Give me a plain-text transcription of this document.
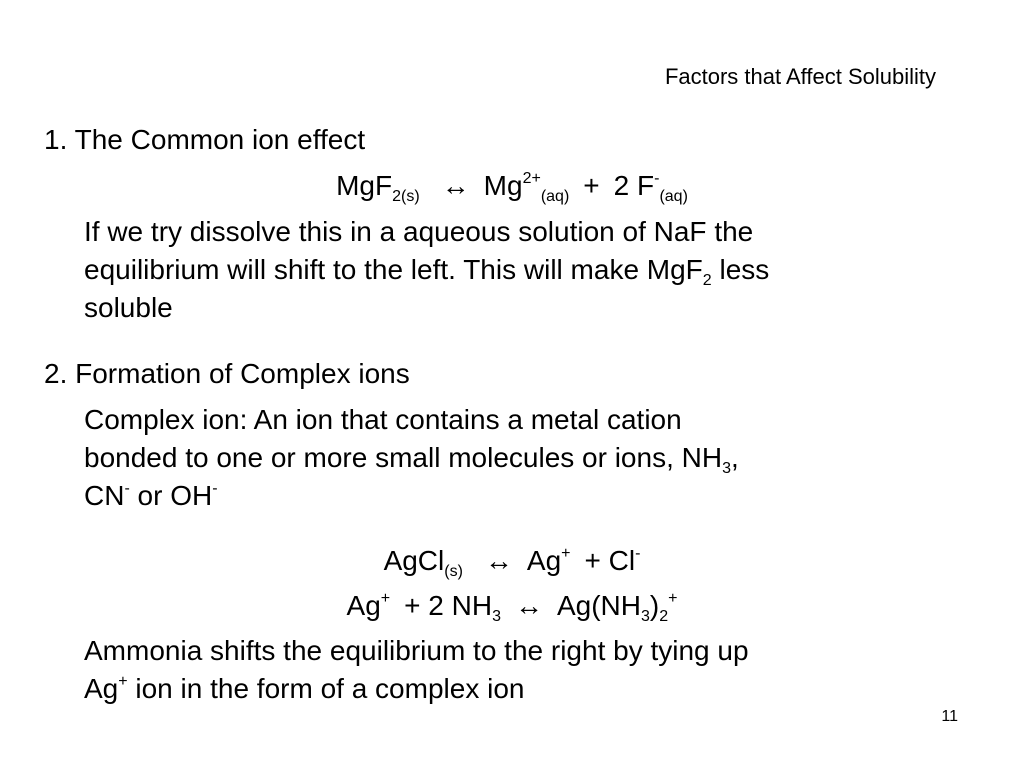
Factors that Affect Solubility
1. The Common ion effect
MgF$_{2(s)}$ ↔ $Mg^{2+}_{(aq)} + 2$ $F^-_{(aq)}$
If we try dissolve this in a aqueous solution of NaF the
equilibrium will shift to the left. This will make MgF$_2$ less
soluble
2. Formation of Complex ions
Complex ion: An ion that contains a metal cation
bonded to one or more small molecules or ions, $NH_3$,
CN- or OH-
AgCl$_{(s)}$ ↔ Ag+ + Cl-
Ag+ + 2 $NH_3$ ↔ $Ag(NH_3)_2^+$
Ammonia shifts the equilibrium to the right by tying up
Ag+ ion in the form of a complex ion
11
